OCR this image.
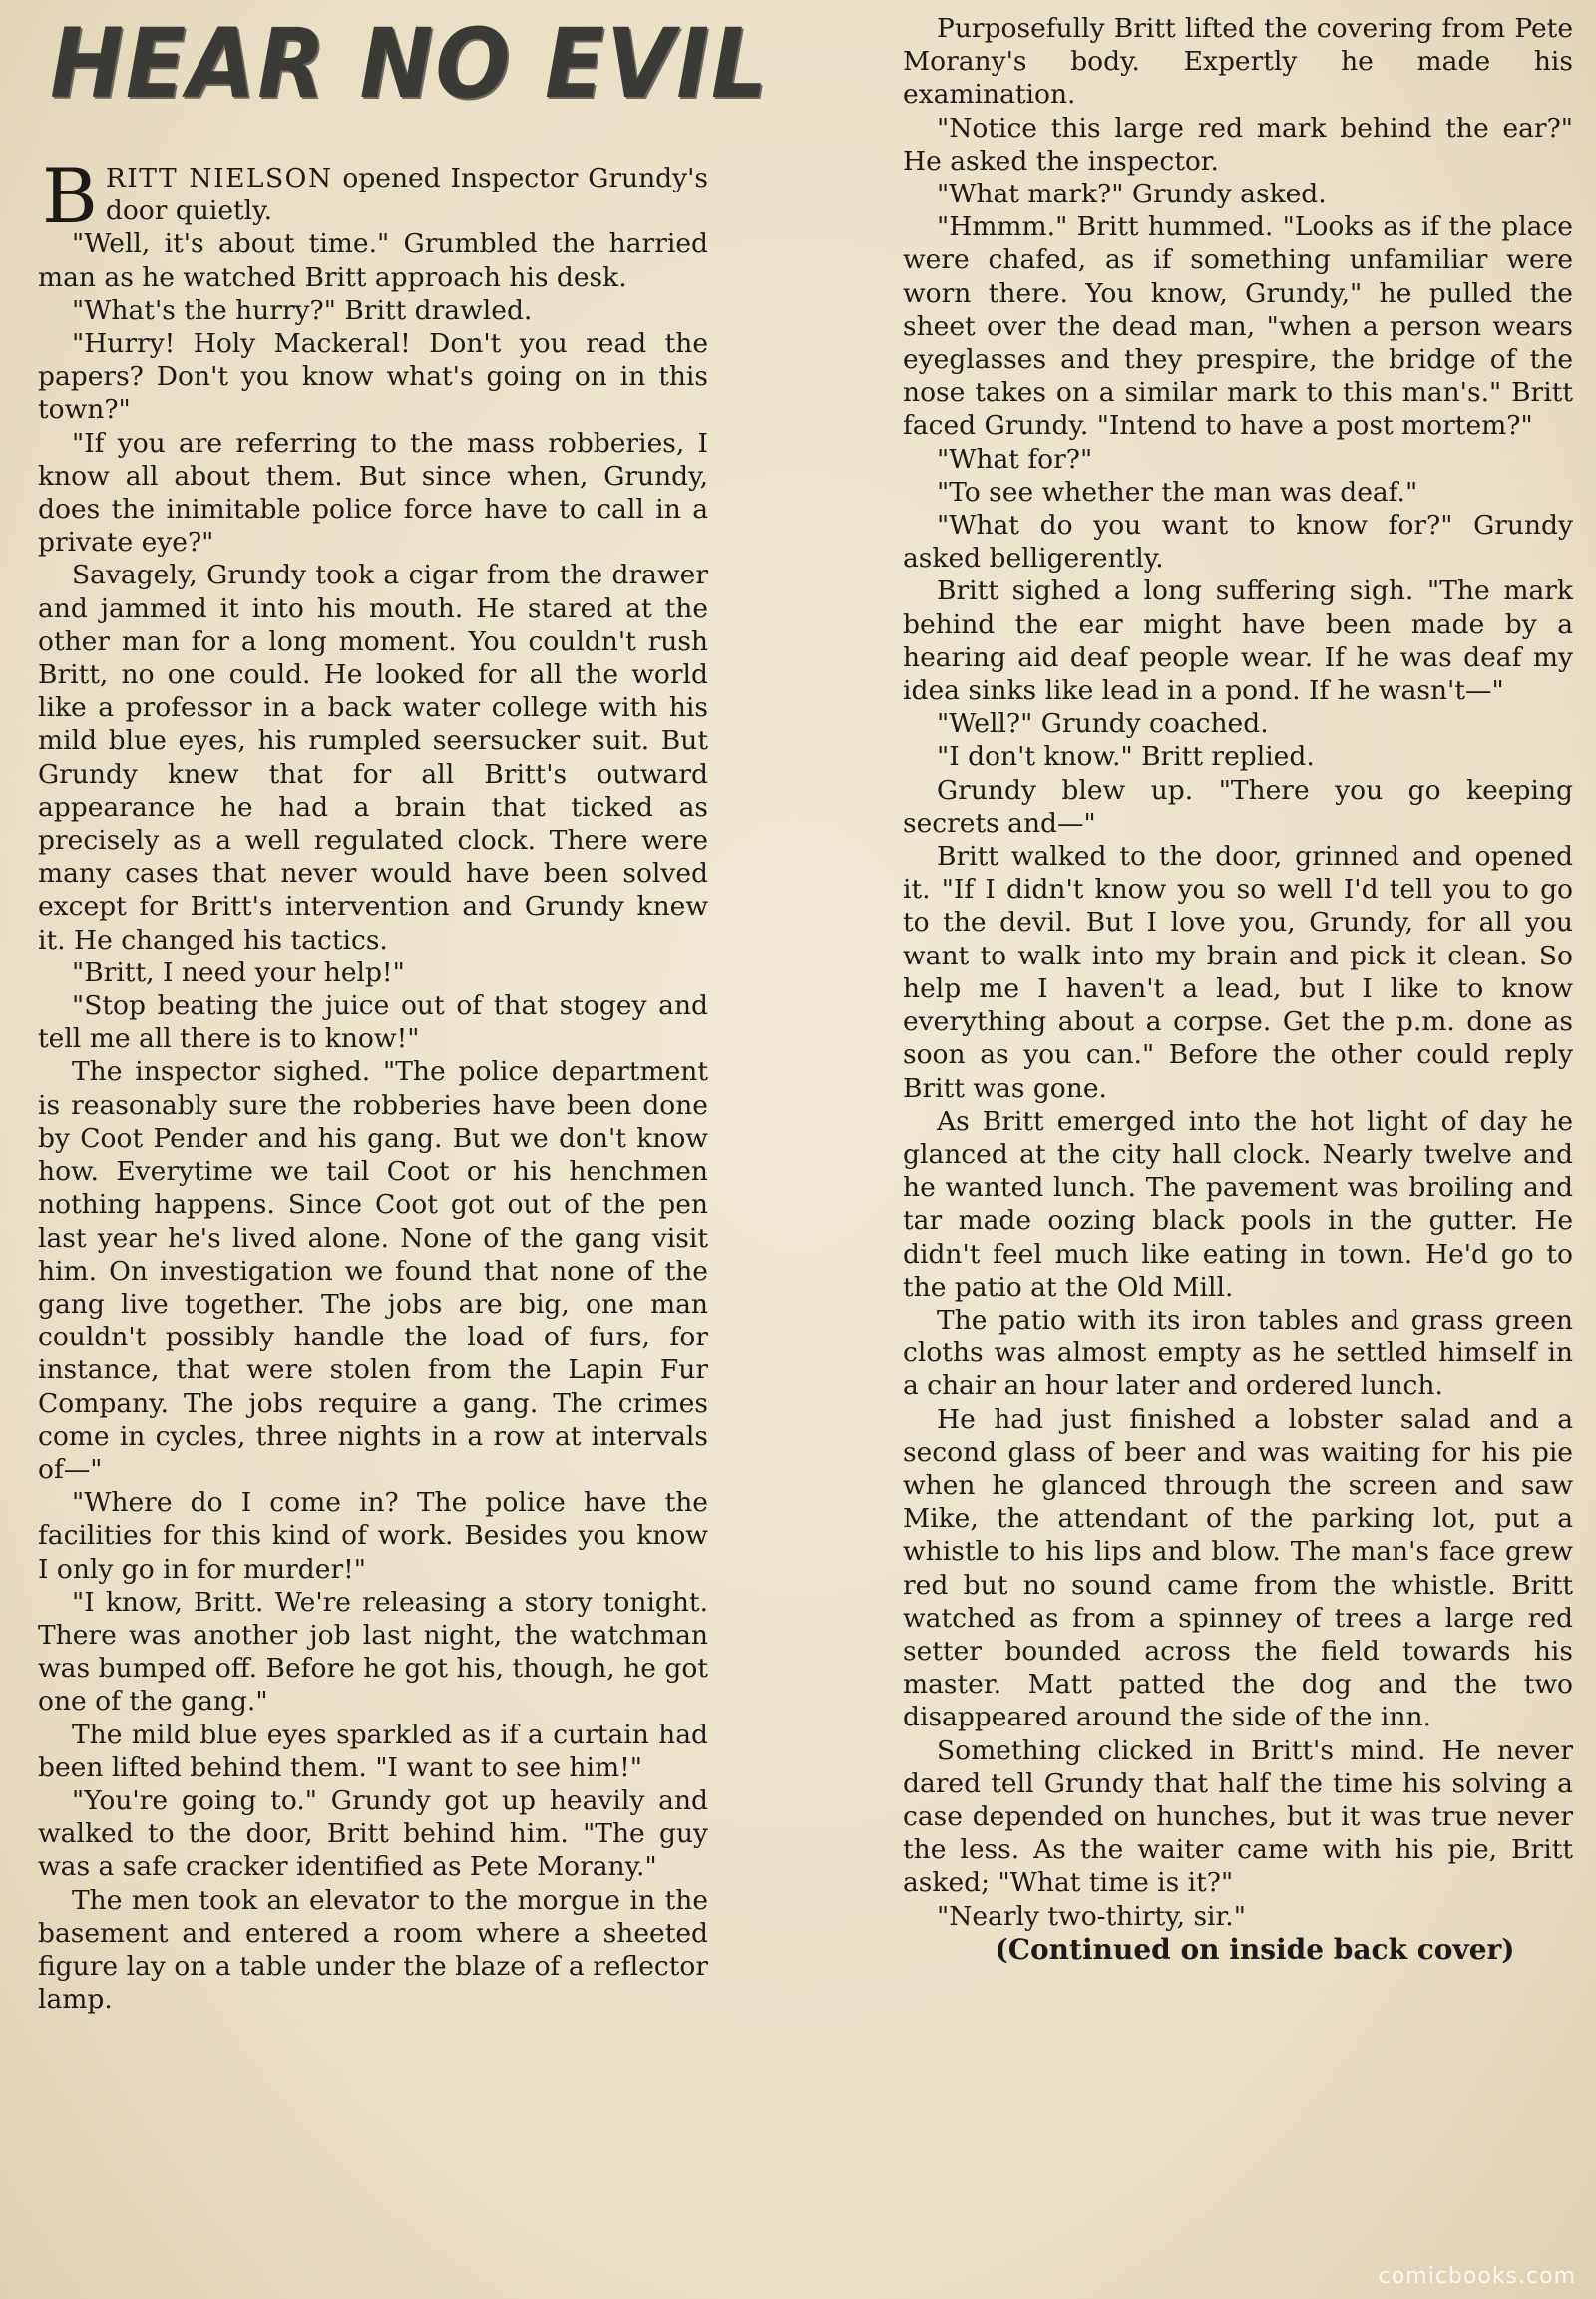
HEAR NO EVIL

BRITT NIELSON opened Inspector Grundy's door quietly.

"Well, it's about time." Grumbled the harried man as he watched Britt approach his desk.

"What's the hurry?" Britt drawled.

"Hurry! Holy Mackeral! Don't you read the papers? Don't you know what's going on in this town?"

"If you are referring to the mass robberies, I know all about them. But since when, Grundy, does the inimitable police force have to call in a private eye?"

Savagely, Grundy took a cigar from the drawer and jammed it into his mouth. He stared at the other man for a long moment. You couldn't rush Britt, no one could. He looked for all the world like a professor in a back water college with his mild blue eyes, his rumpled seersucker suit. But Grundy knew that for all Britt's outward appearance he had a brain that ticked as precisely as a well regulated clock. There were many cases that never would have been solved except for Britt's intervention and Grundy knew it. He changed his tactics.

"Britt, I need your help!"

"Stop beating the juice out of that stogey and tell me all there is to know!"

The inspector sighed. "The police department is reasonably sure the robberies have been done by Coot Pender and his gang. But we don't know how. Everytime we tail Coot or his henchmen nothing happens. Since Coot got out of the pen last year he's lived alone. None of the gang visit him. On investigation we found that none of the gang live together. The jobs are big, one man couldn't possibly handle the load of furs, for instance, that were stolen from the Lapin Fur Company. The jobs require a gang. The crimes come in cycles, three nights in a row at intervals of—"

"Where do I come in? The police have the facilities for this kind of work. Besides you know I only go in for murder!"

"I know, Britt. We're releasing a story tonight. There was another job last night, the watchman was bumped off. Before he got his, though, he got one of the gang."

The mild blue eyes sparkled as if a curtain had been lifted behind them. "I want to see him!"

"You're going to." Grundy got up heavily and walked to the door, Britt behind him. "The guy was a safe cracker identified as Pete Morany."

The men took an elevator to the morgue in the basement and entered a room where a sheeted figure lay on a table under the blaze of a reflector lamp.

Purposefully Britt lifted the covering from Pete Morany's body. Expertly he made his examination.

"Notice this large red mark behind the ear?" He asked the inspector.

"What mark?" Grundy asked.

"Hmmm." Britt hummed. "Looks as if the place were chafed, as if something unfamiliar were worn there. You know, Grundy," he pulled the sheet over the dead man, "when a person wears eyeglasses and they prespire, the bridge of the nose takes on a similar mark to this man's." Britt faced Grundy. "Intend to have a post mortem?"

"What for?"

"To see whether the man was deaf."

"What do you want to know for?" Grundy asked belligerently.

Britt sighed a long suffering sigh. "The mark behind the ear might have been made by a hearing aid deaf people wear. If he was deaf my idea sinks like lead in a pond. If he wasn't—"

"Well?" Grundy coached.

"I don't know." Britt replied.

Grundy blew up. "There you go keeping secrets and—"

Britt walked to the door, grinned and opened it. "If I didn't know you so well I'd tell you to go to the devil. But I love you, Grundy, for all you want to walk into my brain and pick it clean. So help me I haven't a lead, but I like to know everything about a corpse. Get the p.m. done as soon as you can." Before the other could reply Britt was gone.

As Britt emerged into the hot light of day he glanced at the city hall clock. Nearly twelve and he wanted lunch. The pavement was broiling and tar made oozing black pools in the gutter. He didn't feel much like eating in town. He'd go to the patio at the Old Mill.

The patio with its iron tables and grass green cloths was almost empty as he settled himself in a chair an hour later and ordered lunch.

He had just finished a lobster salad and a second glass of beer and was waiting for his pie when he glanced through the screen and saw Mike, the attendant of the parking lot, put a whistle to his lips and blow. The man's face grew red but no sound came from the whistle. Britt watched as from a spinney of trees a large red setter bounded across the field towards his master. Matt patted the dog and the two disappeared around the side of the inn.

Something clicked in Britt's mind. He never dared tell Grundy that half the time his solving a case depended on hunches, but it was true never the less. As the waiter came with his pie, Britt asked; "What time is it?"

"Nearly two-thirty, sir."

(Continued on inside back cover)

comicbooks.com
